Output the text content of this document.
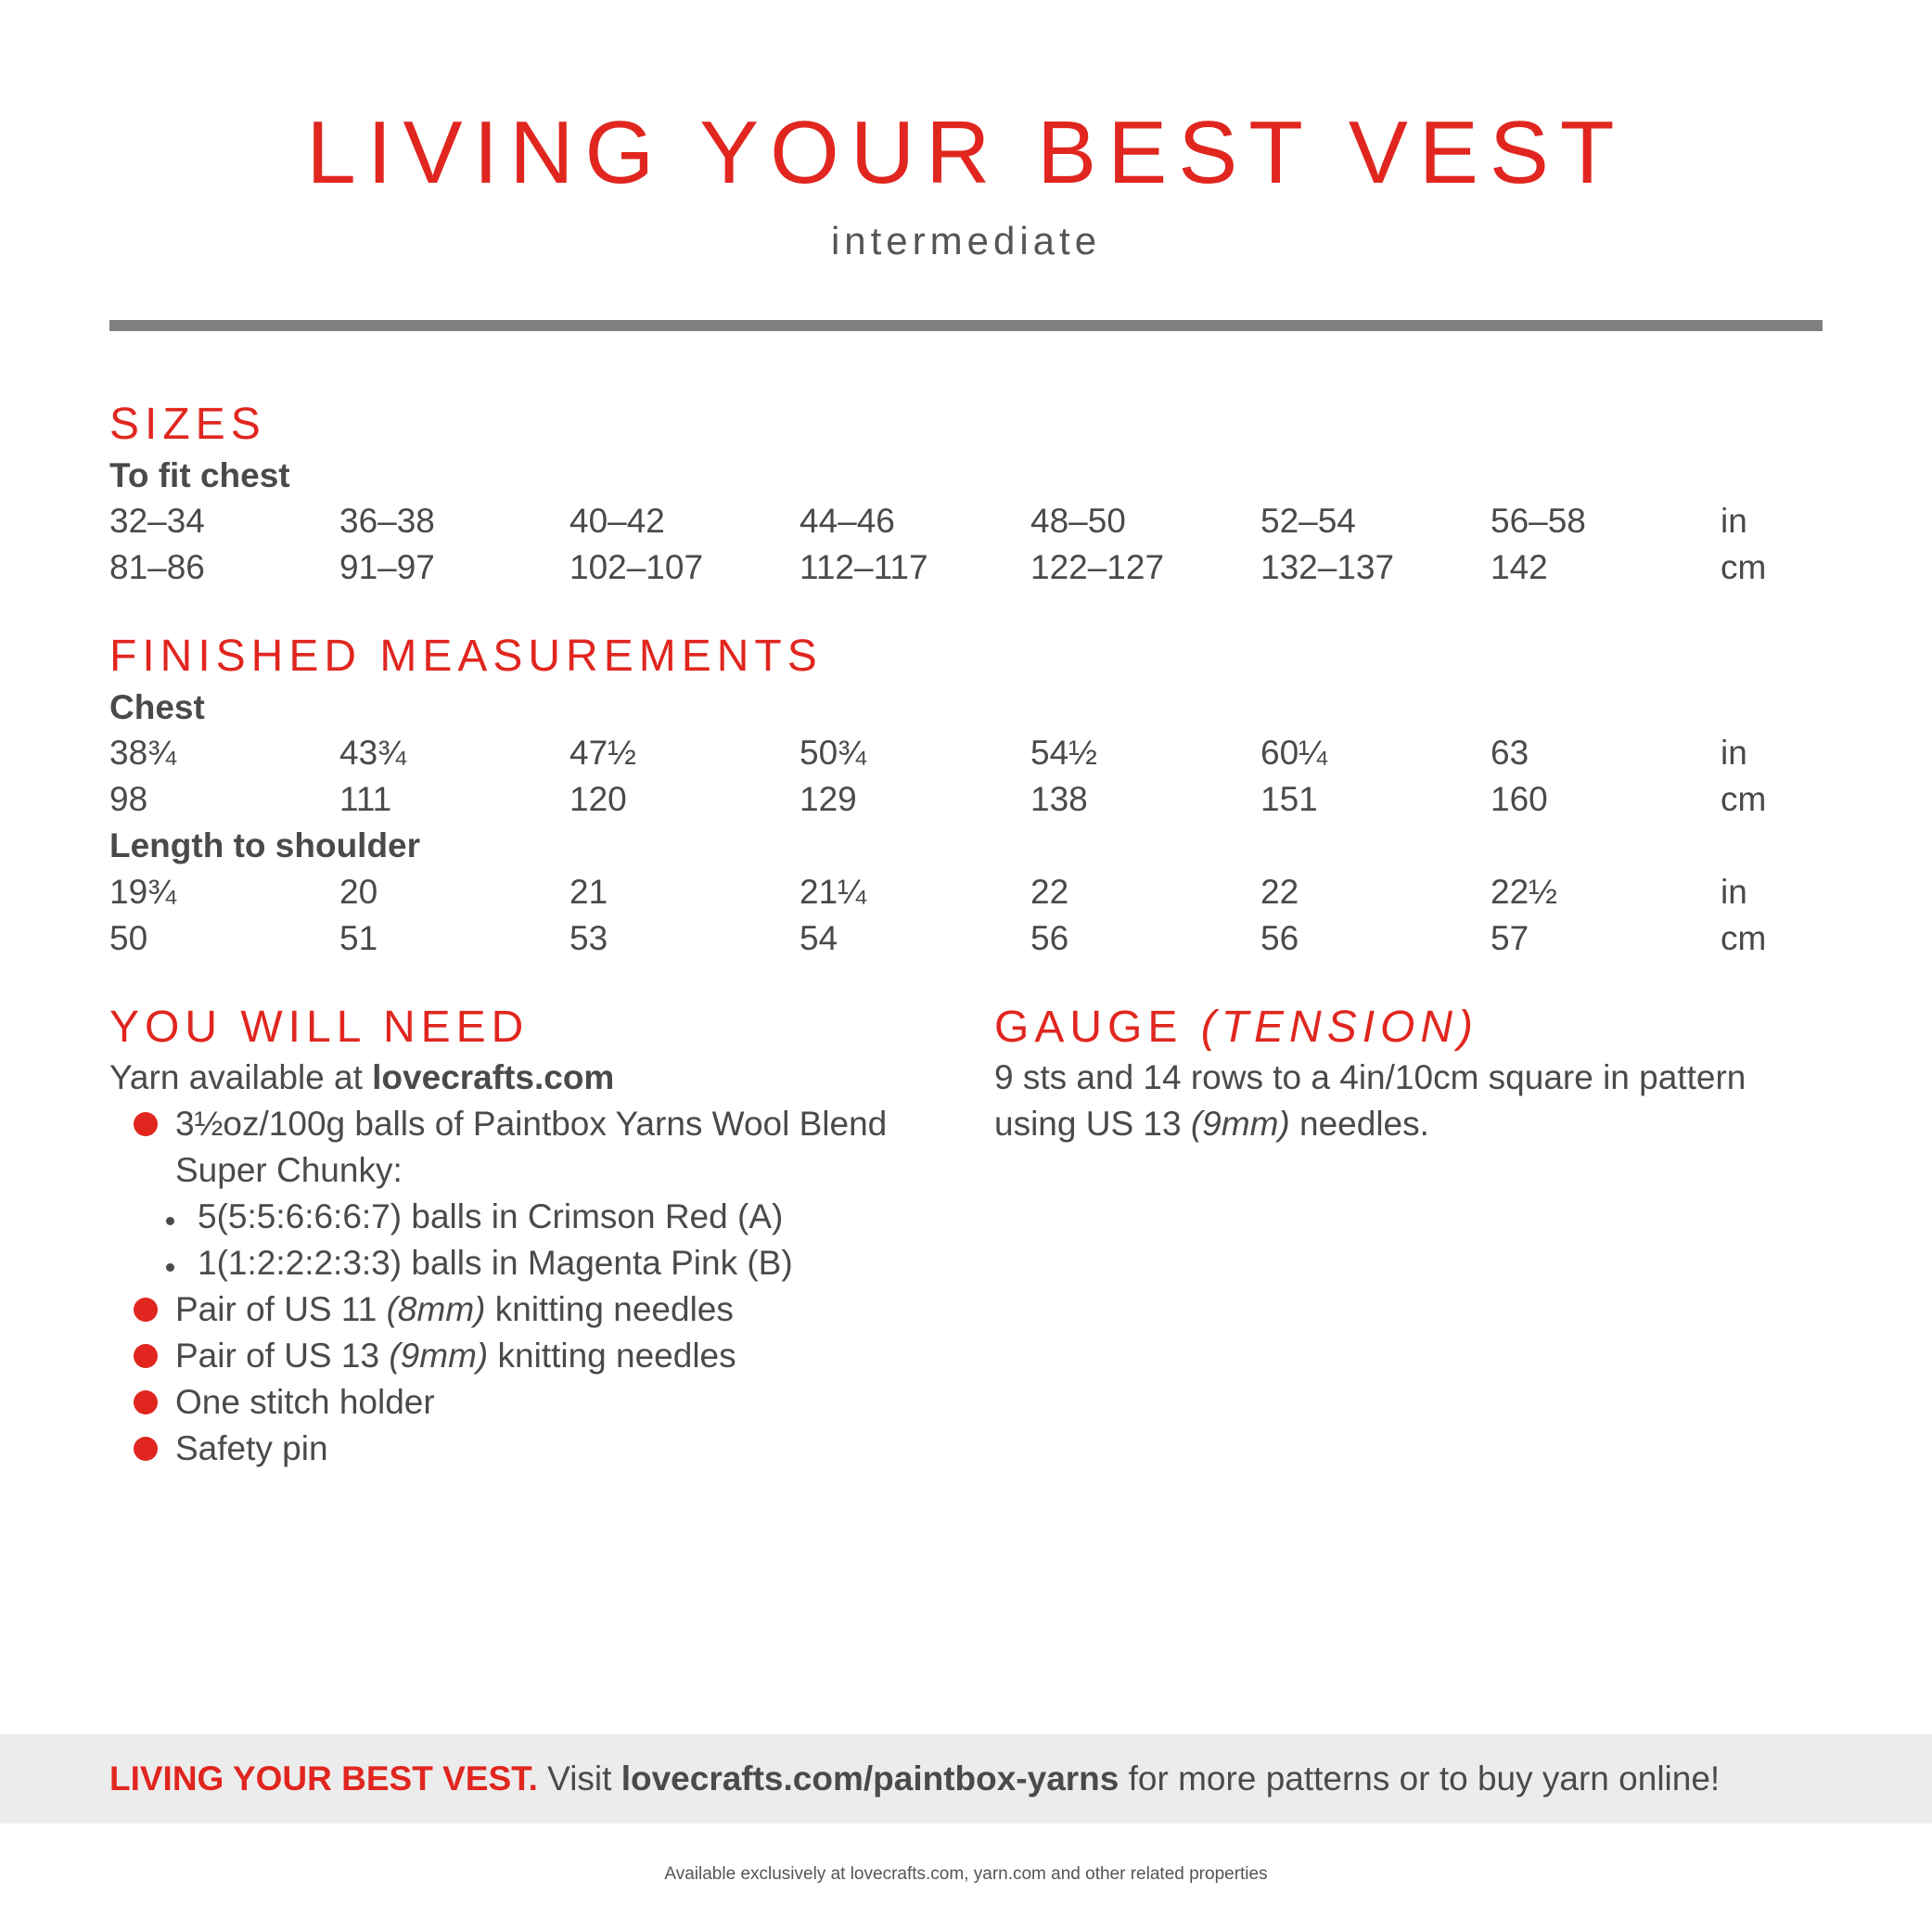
LIVING YOUR BEST VEST
intermediate
SIZES

To fit chest

32–34	36–38	40–42	44–46	48–50	52–54	56–58	in
81–86	91–97	102–107	112–117	122–127	132–137	142	cm
FINISHED MEASUREMENTS

Chest

38¾	43¾	47½	50¾	54½	60¼	63	in
98	111	120	129	138	151	160	cm

Length to shoulder

19¾	20	21	21¼	22	22	22½	in
50	51	53	54	56	56	57	cm
YOU WILL NEED
Yarn available at lovecrafts.com
3½oz/100g balls of Paintbox Yarns Wool Blend
Super Chunky:
5(5:5:6:6:6:7) balls in Crimson Red (A)
1(1:2:2:2:3:3) balls in Magenta Pink (B)
Pair of US 11 (8mm) knitting needles
Pair of US 13 (9mm) knitting needles
One stitch holder
Safety pin
GAUGE (TENSION)
9 sts and 14 rows to a 4in/10cm square in pattern
using US 13 (9mm) needles.
LIVING YOUR BEST VEST. Visit lovecrafts.com/paintbox-yarns for more patterns or to buy yarn online!
Available exclusively at lovecrafts.com, yarn.com and other related properties
